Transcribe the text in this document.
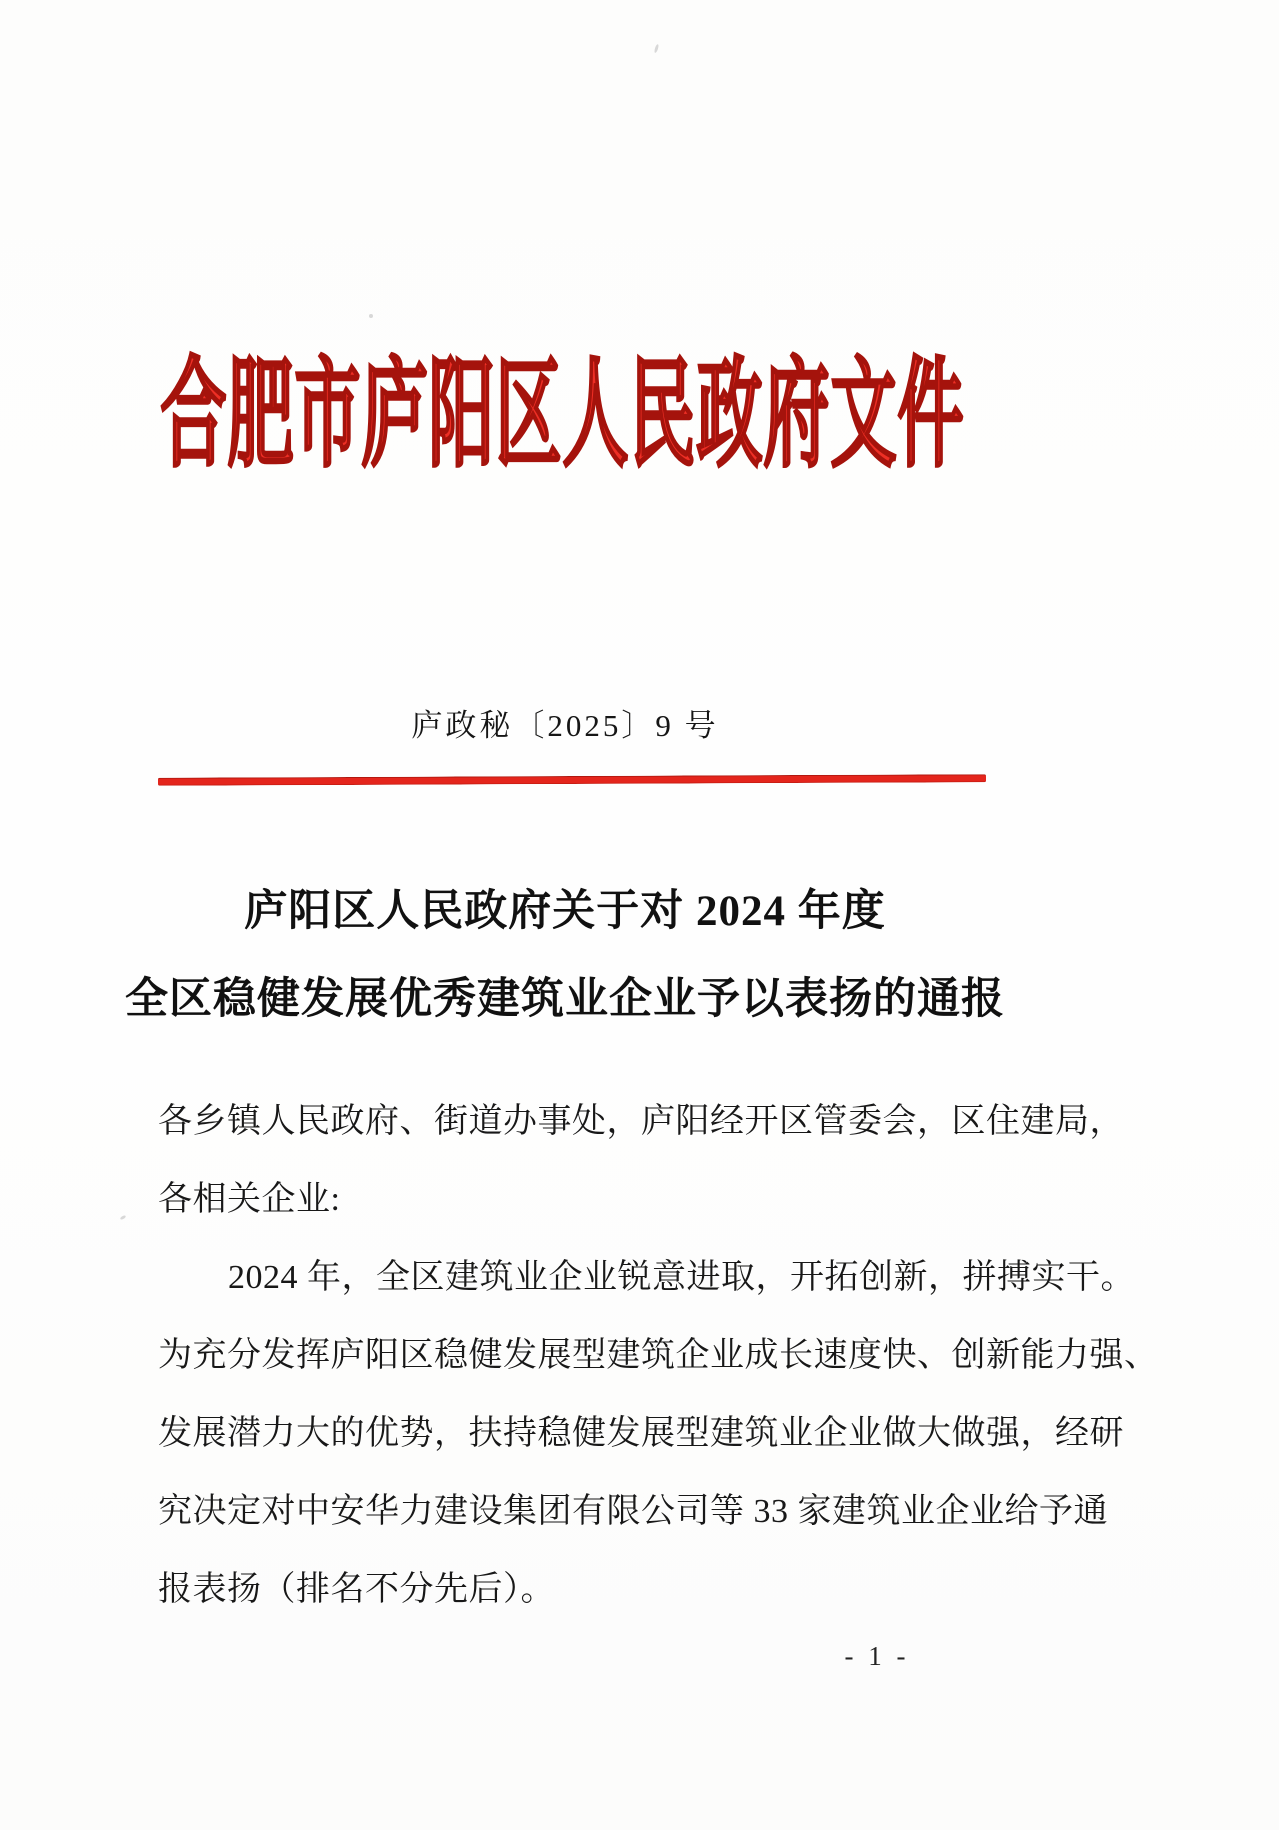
合肥市庐阳区人民政府文件
庐政秘〔2025〕9 号
庐阳区人民政府关于对 2024 年度
全区稳健发展优秀建筑业企业予以表扬的通报
各乡镇人民政府、街道办事处，庐阳经开区管委会，区住建局，
各相关企业:
2024 年，全区建筑业企业锐意进取，开拓创新，拼搏实干。
为充分发挥庐阳区稳健发展型建筑企业成长速度快、创新能力强、
发展潜力大的优势，扶持稳健发展型建筑业企业做大做强，经研
究决定对中安华力建设集团有限公司等 33 家建筑业企业给予通
报表扬（排名不分先后）。
- 1 -
